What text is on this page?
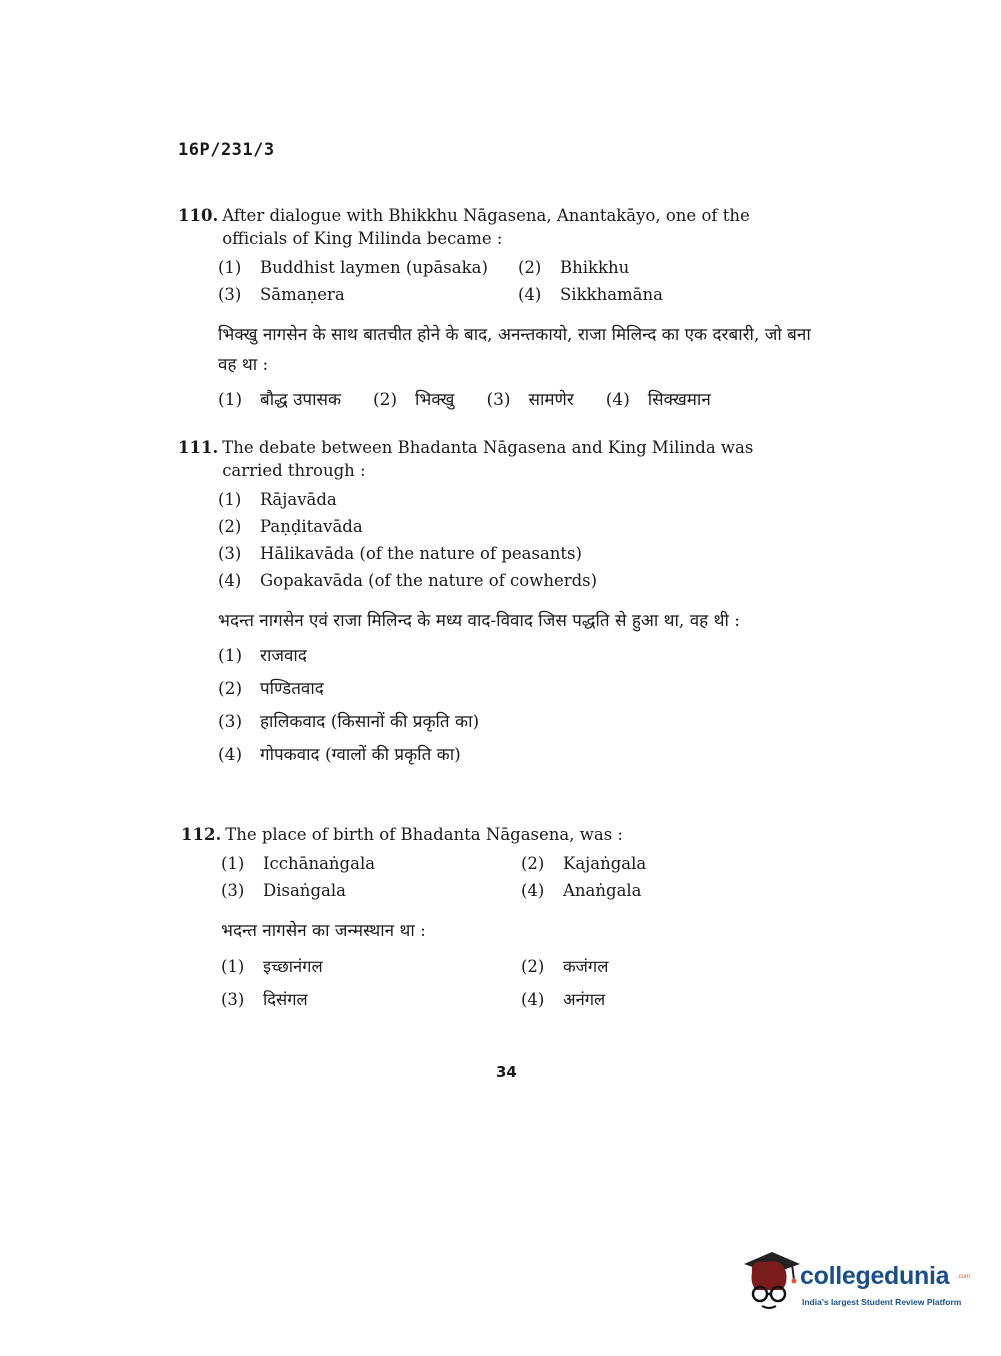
16P/231/3
110. After dialogue with Bhikkhu Nāgasena, Anantakāyo, one of the officials of King Milinda became :
(1)	Buddhist laymen (upāsaka) (2)	Bhikkhu
(3)	Sāmaṇera	(4)	Sikkhamāna
भिक्खु नागसेन के साथ बातचीत होने के बाद, अनन्तकायो, राजा मिलिन्द का एक दरबारी, जो बना वह था :
(1)	बौद्ध उपासक (2)	भिक्खु (3)	सामणेर (4)	सिक्खमान
111. The debate between Bhadanta Nāgasena and King Milinda was carried through :
(1)	Rājavāda
(2)	Paṇḍitavāda
(3)	Hālikavāda (of the nature of peasants)
(4)	Gopakavāda (of the nature of cowherds)
भदन्त नागसेन एवं राजा मिलिन्द के मध्य वाद-विवाद जिस पद्धति से हुआ था, वह थी :
(1)	राजवाद
(2)	पण्डितवाद
(3)	हालिकवाद (किसानों की प्रकृति का)
(4)	गोपकवाद (ग्वालों की प्रकृति का)
112. The place of birth of Bhadanta Nāgasena, was :
(1)	Icchānaṅgala	(2)	Kajaṅgala
(3)	Disaṅgala	(4)	Anaṅgala
भदन्त नागसेन का जन्मस्थान था :
(1)	इच्छानंगल	(2)	कजंगल
(3)	दिसंगल	(4)	अनंगल
34
collegedunia .com
India's largest Student Review Platform
